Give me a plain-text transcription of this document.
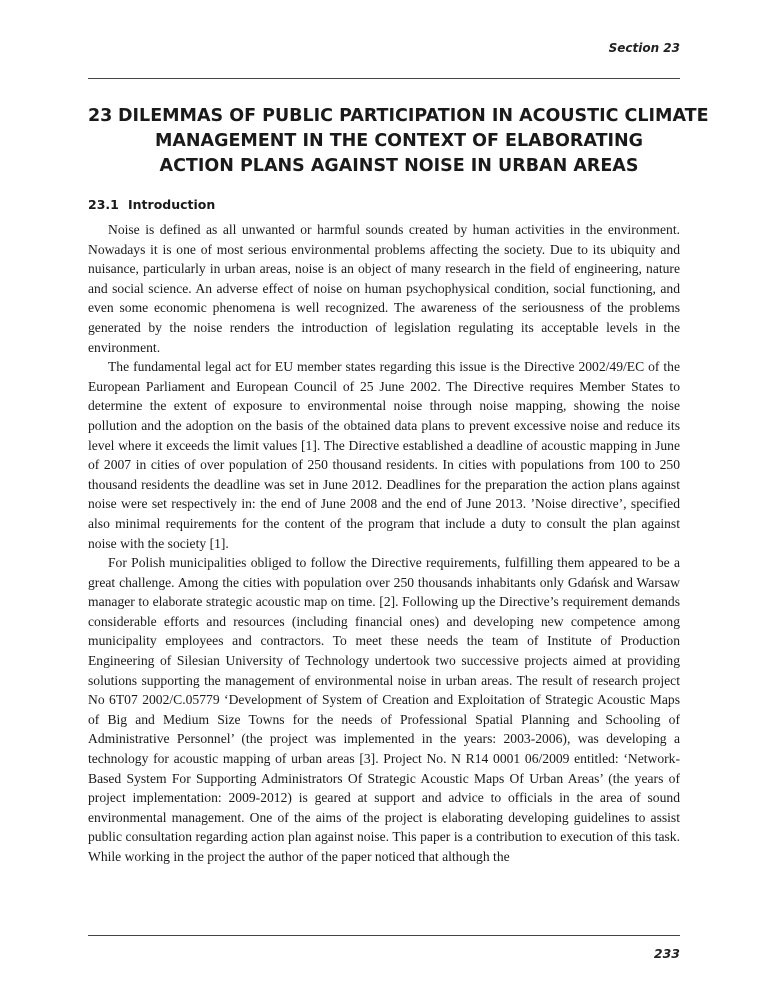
Section 23
23 DILEMMAS OF PUBLIC PARTICIPATION IN ACOUSTIC CLIMATE
MANAGEMENT IN THE CONTEXT OF ELABORATING
ACTION PLANS AGAINST NOISE IN URBAN AREAS
23.1 Introduction

Noise is defined as all unwanted or harmful sounds created by human activities in the environment. Nowadays it is one of most serious environmental problems affecting the society. Due to its ubiquity and nuisance, particularly in urban areas, noise is an object of many research in the field of engineering, nature and social science. An adverse effect of noise on human psychophysical condition, social functioning, and even some economic phenomena is well recognized. The awareness of the seriousness of the problems generated by the noise renders the introduction of legislation regulating its acceptable levels in the environment.

The fundamental legal act for EU member states regarding this issue is the Directive 2002/49/EC of the European Parliament and European Council of 25 June 2002. The Directive requires Member States to determine the extent of exposure to environmental noise through noise mapping, showing the noise pollution and the adoption on the basis of the obtained data plans to prevent excessive noise and reduce its level where it exceeds the limit values [1]. The Directive established a deadline of acoustic mapping in June of 2007 in cities of over population of 250 thousand residents. In cities with populations from 100 to 250 thousand residents the deadline was set in June 2012. Deadlines for the preparation the action plans against noise were set respectively in: the end of June 2008 and the end of June 2013. ’Noise directive’, specified also minimal requirements for the content of the program that include a duty to consult the plan against noise with the society [1].

For Polish municipalities obliged to follow the Directive requirements, fulfilling them appeared to be a great challenge. Among the cities with population over 250 thousands inhabitants only Gdańsk and Warsaw manager to elaborate strategic acoustic map on time. [2]. Following up the Directive’s requirement demands considerable efforts and resources (including financial ones) and developing new competence among municipality employees and contractors. To meet these needs the team of Institute of Production Engineering of Silesian University of Technology undertook two successive projects aimed at providing solutions supporting the management of environmental noise in urban areas. The result of research project No 6T07 2002/C.05779 ‘Development of System of Creation and Exploitation of Strategic Acoustic Maps of Big and Medium Size Towns for the needs of Professional Spatial Planning and Schooling of Administrative Personnel’ (the project was implemented in the years: 2003-2006), was developing a technology for acoustic mapping of urban areas [3]. Project No. N R14 0001 06/2009 entitled: ‘Network-Based System For Supporting Administrators Of Strategic Acoustic Maps Of Urban Areas’ (the years of project implementation: 2009-2012) is geared at support and advice to officials in the area of sound environmental management. One of the aims of the project is elaborating developing guidelines to assist public consultation regarding action plan against noise. This paper is a contribution to execution of this task. While working in the project the author of the paper noticed that although the

233
